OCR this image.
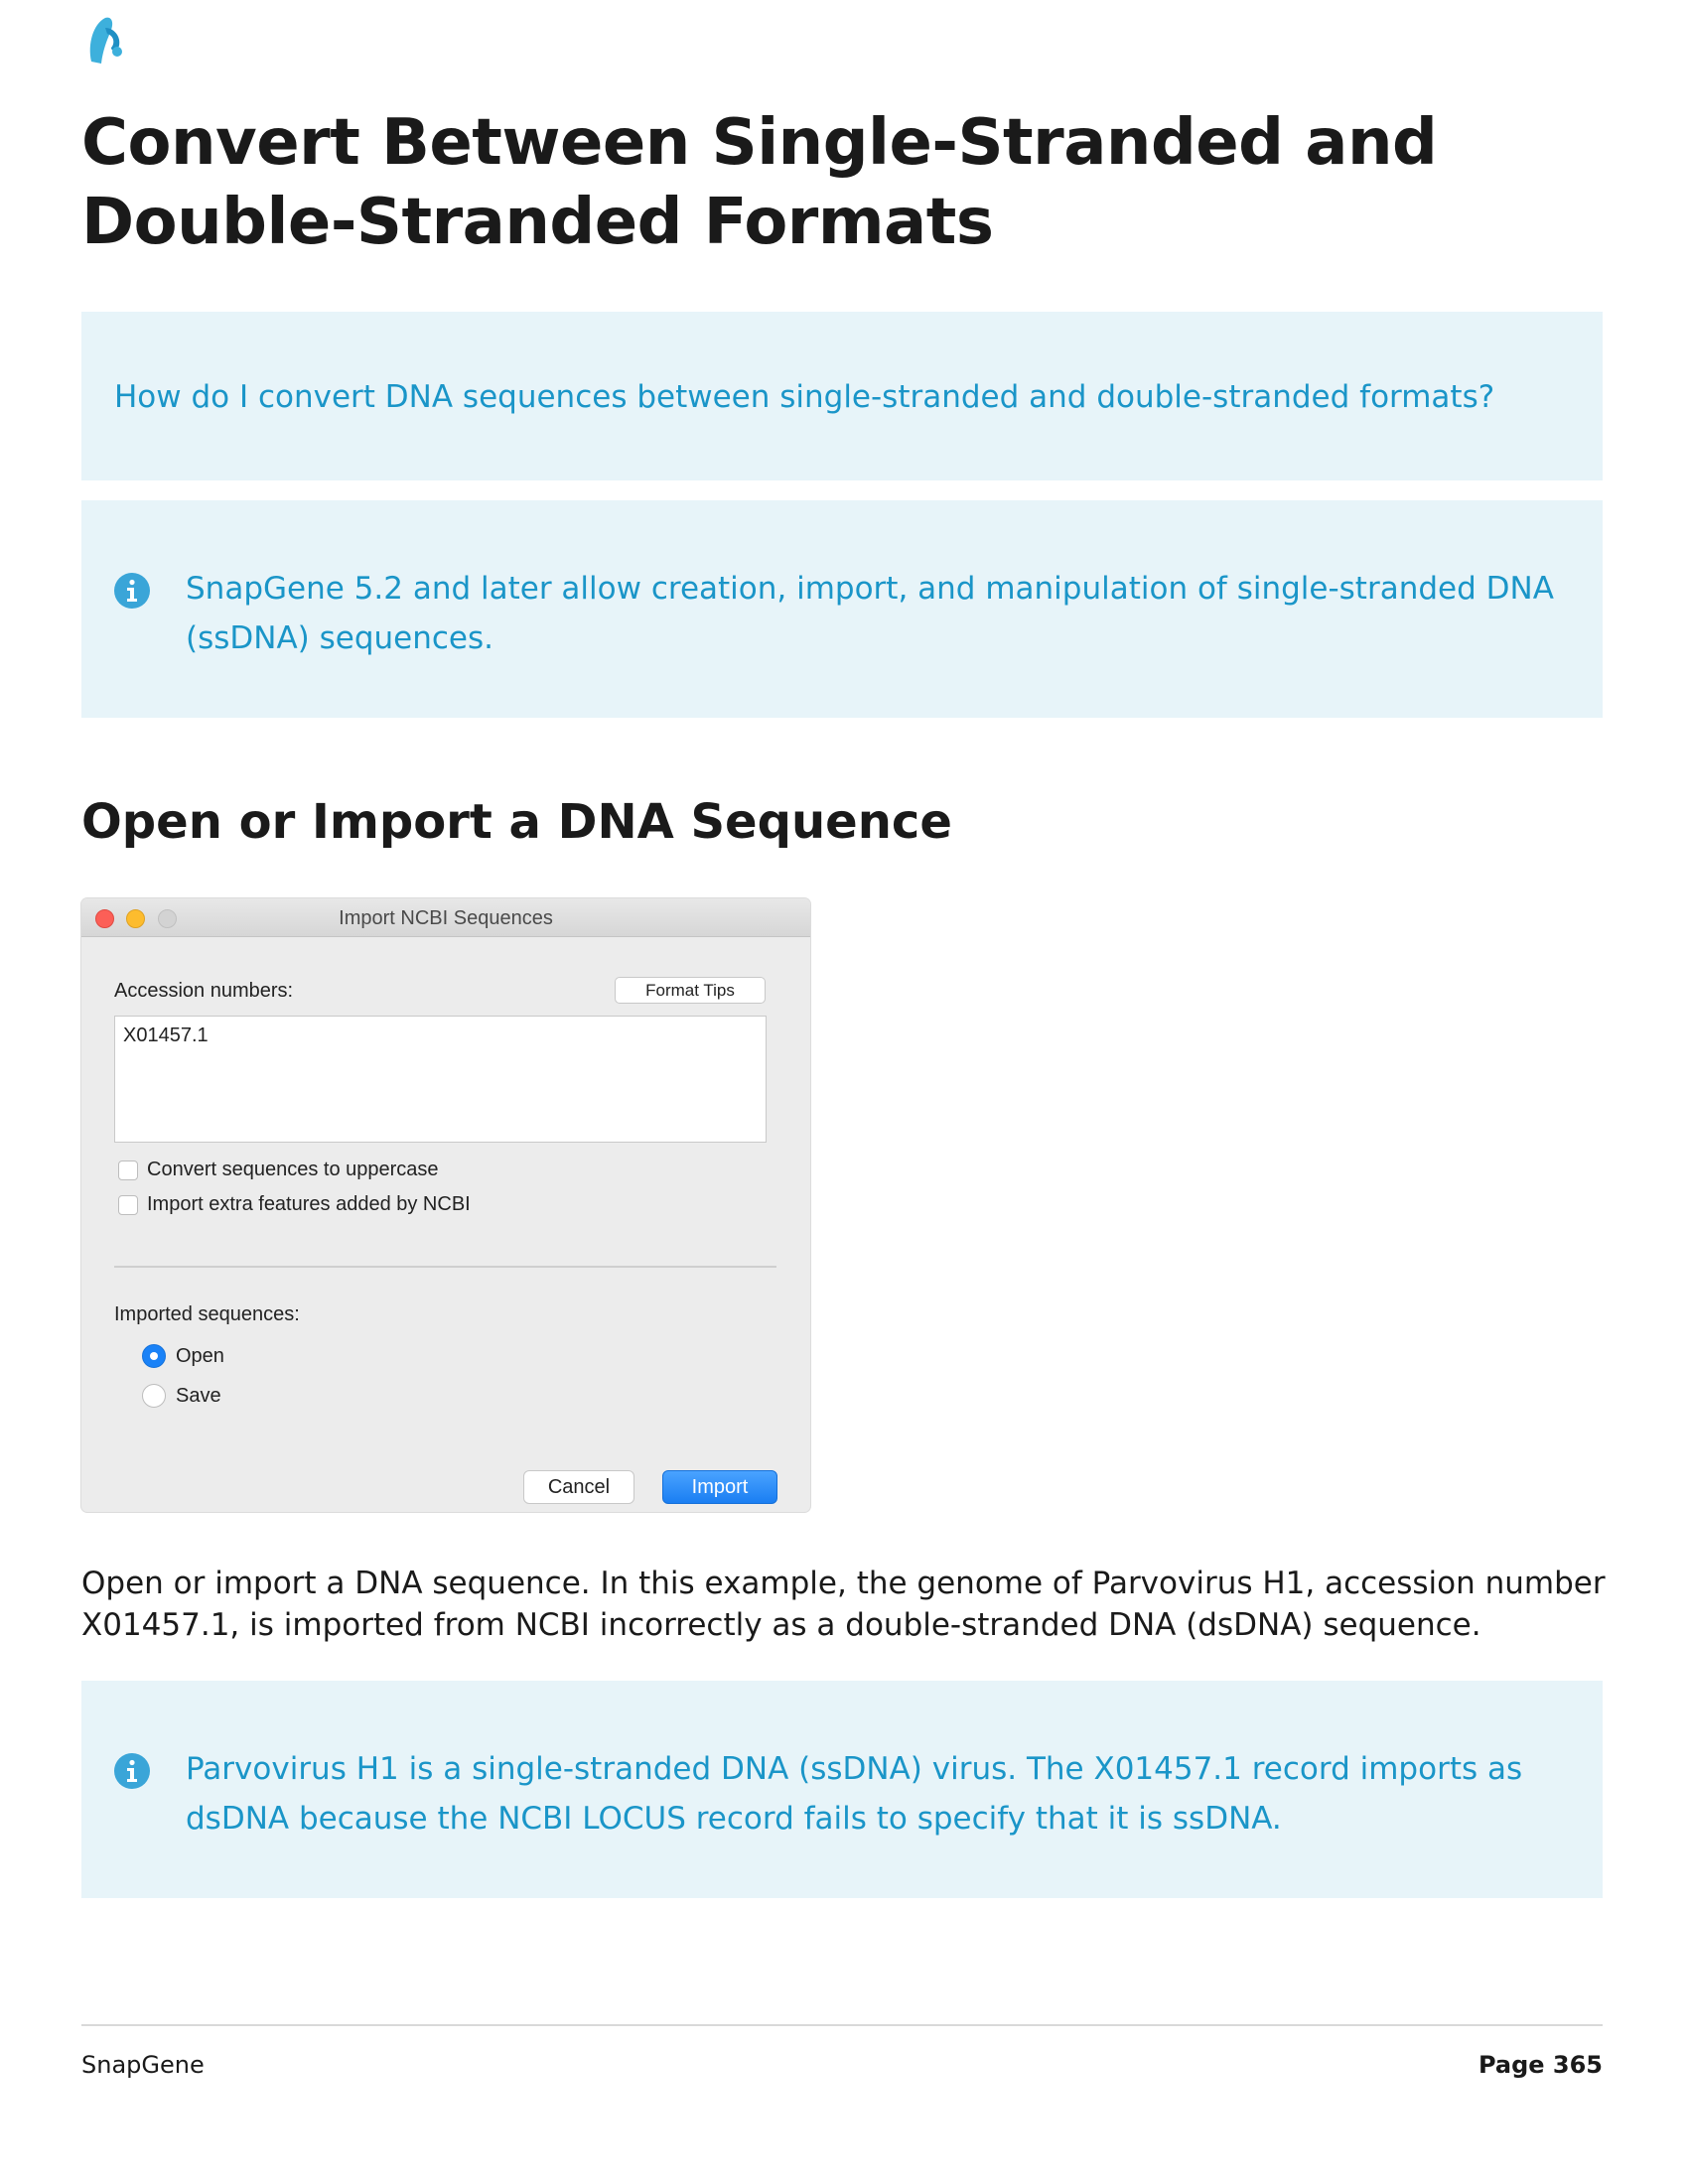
Convert Between Single-Stranded and Double-Stranded Formats
How do I convert DNA sequences between single-stranded and double-stranded formats?
SnapGene 5.2 and later allow creation, import, and manipulation of single-stranded DNA (ssDNA) sequences.
Open or Import a DNA Sequence
Import NCBI Sequences
Accession numbers:	Format Tips
X01457.1
Convert sequences to uppercase
Import extra features added by NCBI
Imported sequences:
Open
Save
Cancel	Import

Open or import a DNA sequence. In this example, the genome of Parvovirus H1, accession number X01457.1, is imported from NCBI incorrectly as a double-stranded DNA (dsDNA) sequence.

Parvovirus H1 is a single-stranded DNA (ssDNA) virus. The X01457.1 record imports as dsDNA because the NCBI LOCUS record fails to specify that it is ssDNA.
SnapGene	Page 365
